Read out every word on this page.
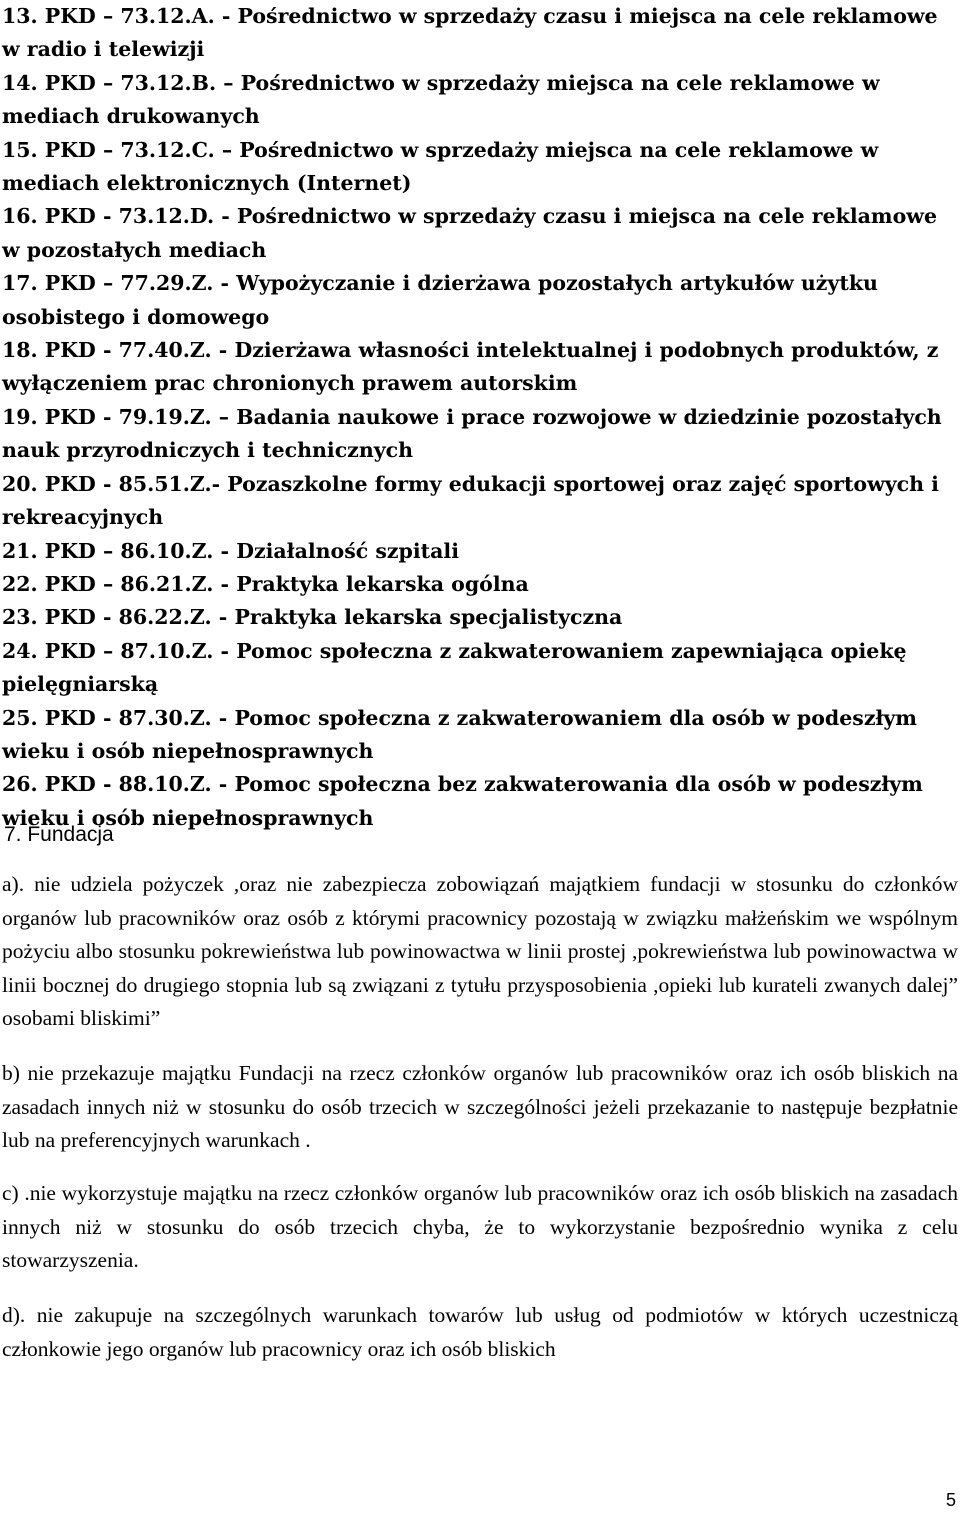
13. PKD – 73.12.A. - Pośrednictwo w sprzedaży czasu i miejsca na cele reklamowe w radio i telewizji
14. PKD – 73.12.B. – Pośrednictwo w sprzedaży miejsca na cele reklamowe w mediach drukowanych
15. PKD – 73.12.C. – Pośrednictwo w sprzedaży miejsca na cele reklamowe w mediach elektronicznych (Internet)
16. PKD - 73.12.D. - Pośrednictwo w sprzedaży czasu i miejsca na cele reklamowe w pozostałych mediach
17. PKD – 77.29.Z. - Wypożyczanie i dzierżawa pozostałych artykułów użytku osobistego i domowego
18. PKD - 77.40.Z. - Dzierżawa własności intelektualnej i podobnych produktów, z wyłączeniem prac chronionych prawem autorskim
19. PKD - 79.19.Z. – Badania naukowe i prace rozwojowe w dziedzinie pozostałych nauk przyrodniczych i technicznych
20. PKD - 85.51.Z.- Pozaszkolne formy edukacji sportowej oraz zajęć sportowych i rekreacyjnych
21. PKD – 86.10.Z. - Działalność szpitali
22. PKD – 86.21.Z. - Praktyka lekarska ogólna
23. PKD - 86.22.Z. - Praktyka lekarska specjalistyczna
24. PKD – 87.10.Z. - Pomoc społeczna z zakwaterowaniem zapewniająca opiekę pielęgniarską
25. PKD - 87.30.Z. - Pomoc społeczna z zakwaterowaniem dla osób w podeszłym wieku i osób niepełnosprawnych
26. PKD - 88.10.Z. - Pomoc społeczna bez zakwaterowania dla osób w podeszłym wieku i osób niepełnosprawnych
7. Fundacja

a). nie udziela pożyczek ,oraz nie zabezpiecza zobowiązań majątkiem fundacji w stosunku do członków organów lub pracowników oraz osób z którymi pracownicy pozostają w związku małżeńskim we wspólnym pożyciu albo stosunku pokrewieństwa lub powinowactwa w linii prostej ,pokrewieństwa lub powinowactwa w linii bocznej do drugiego stopnia lub są związani z tytułu przysposobienia ,opieki lub kurateli zwanych dalej” osobami bliskimi”

b) nie przekazuje majątku Fundacji na rzecz członków organów lub pracowników oraz ich osób bliskich na zasadach innych niż w stosunku do osób trzecich w szczególności jeżeli przekazanie to następuje bezpłatnie lub na preferencyjnych warunkach .

c) .nie wykorzystuje majątku na rzecz członków organów lub pracowników oraz ich osób bliskich na zasadach innych niż w stosunku do osób trzecich chyba, że to wykorzystanie bezpośrednio wynika z celu stowarzyszenia.

d). nie zakupuje na szczególnych warunkach towarów lub usług od podmiotów w których uczestniczą członkowie jego organów lub pracownicy oraz ich osób bliskich

5
